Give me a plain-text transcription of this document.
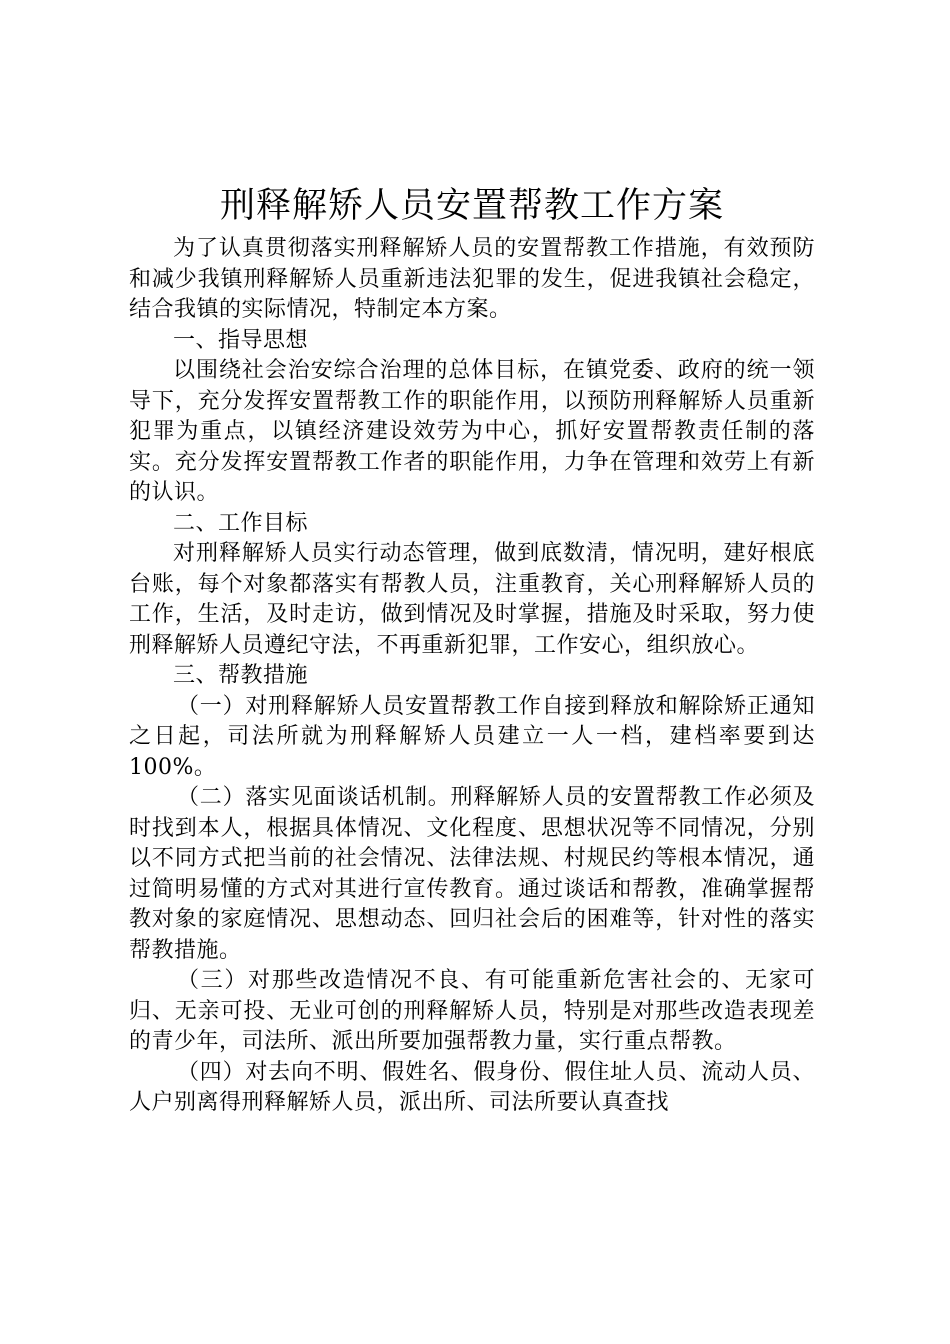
刑释解矫人员安置帮教工作方案

为了认真贯彻落实刑释解矫人员的安置帮教工作措施，有效预防和减少我镇刑释解矫人员重新违法犯罪的发生，促进我镇社会稳定，结合我镇的实际情况，特制定本方案。

一、指导思想

以围绕社会治安综合治理的总体目标，在镇党委、政府的统一领导下，充分发挥安置帮教工作的职能作用，以预防刑释解矫人员重新犯罪为重点，以镇经济建设效劳为中心，抓好安置帮教责任制的落实。充分发挥安置帮教工作者的职能作用，力争在管理和效劳上有新的认识。

二、工作目标

对刑释解矫人员实行动态管理，做到底数清，情况明，建好根底台账，每个对象都落实有帮教人员，注重教育，关心刑释解矫人员的工作，生活，及时走访，做到情况及时掌握，措施及时采取，努力使刑释解矫人员遵纪守法，不再重新犯罪，工作安心，组织放心。

三、帮教措施

（一）对刑释解矫人员安置帮教工作自接到释放和解除矫正通知之日起，司法所就为刑释解矫人员建立一人一档，建档率要到达100%。

（二）落实见面谈话机制。刑释解矫人员的安置帮教工作必须及时找到本人，根据具体情况、文化程度、思想状况等不同情况，分别以不同方式把当前的社会情况、法律法规、村规民约等根本情况，通过简明易懂的方式对其进行宣传教育。通过谈话和帮教，准确掌握帮教对象的家庭情况、思想动态、回归社会后的困难等，针对性的落实帮教措施。

（三）对那些改造情况不良、有可能重新危害社会的、无家可归、无亲可投、无业可创的刑释解矫人员，特别是对那些改造表现差的青少年，司法所、派出所要加强帮教力量，实行重点帮教。

（四）对去向不明、假姓名、假身份、假住址人员、流动人员、人户别离得刑释解矫人员，派出所、司法所要认真查找
